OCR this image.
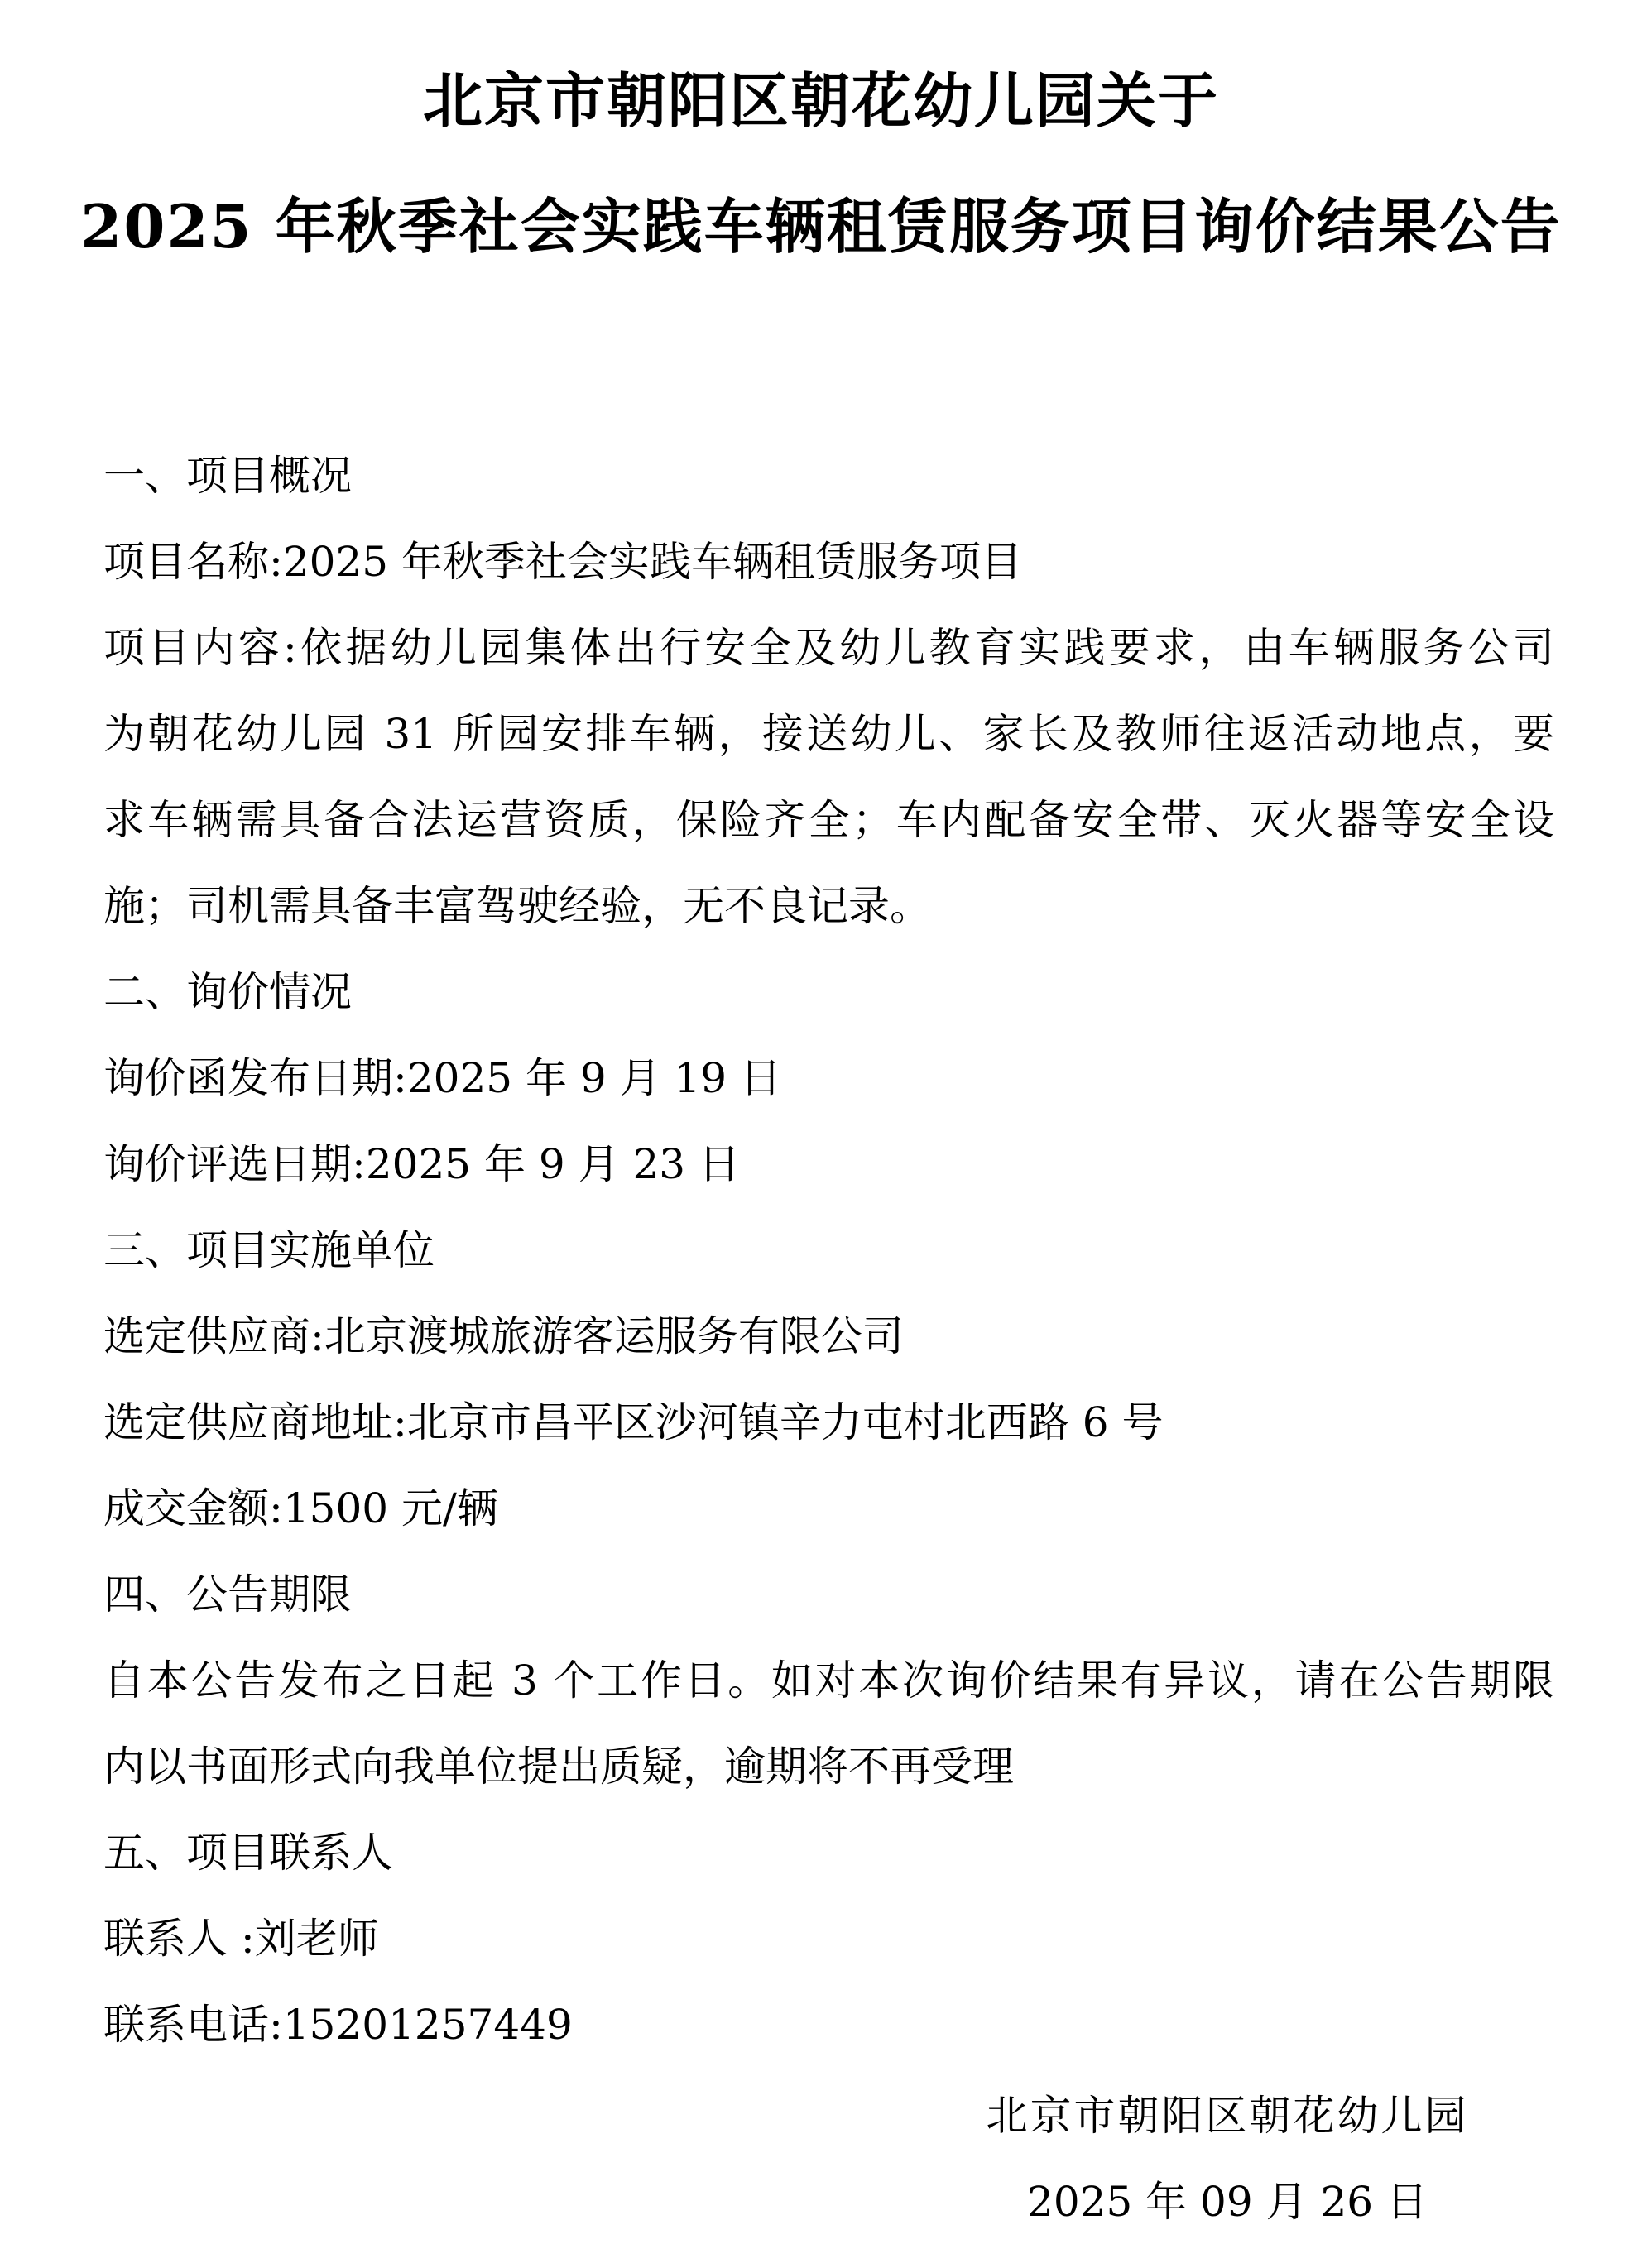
北京市朝阳区朝花幼儿园关于
2025 年秋季社会实践车辆租赁服务项目询价结果公告
一、项目概况
项目名称:2025 年秋季社会实践车辆租赁服务项目
项目内容:依据幼儿园集体出行安全及幼儿教育实践要求，由车辆服务公司
为朝花幼儿园 31 所园安排车辆，接送幼儿、家长及教师往返活动地点，要
求车辆需具备合法运营资质，保险齐全；车内配备安全带、灭火器等安全设
施；司机需具备丰富驾驶经验，无不良记录。
二、询价情况
询价函发布日期:2025 年 9 月 19 日
询价评选日期:2025 年 9 月 23 日
三、项目实施单位
选定供应商:北京渡城旅游客运服务有限公司
选定供应商地址:北京市昌平区沙河镇辛力屯村北西路 6 号
成交金额:1500 元/辆
四、公告期限
自本公告发布之日起 3 个工作日。如对本次询价结果有异议，请在公告期限
内以书面形式向我单位提出质疑，逾期将不再受理
五、项目联系人
联系人 :刘老师
联系电话:15201257449
北京市朝阳区朝花幼儿园
2025 年 09 月 26 日
